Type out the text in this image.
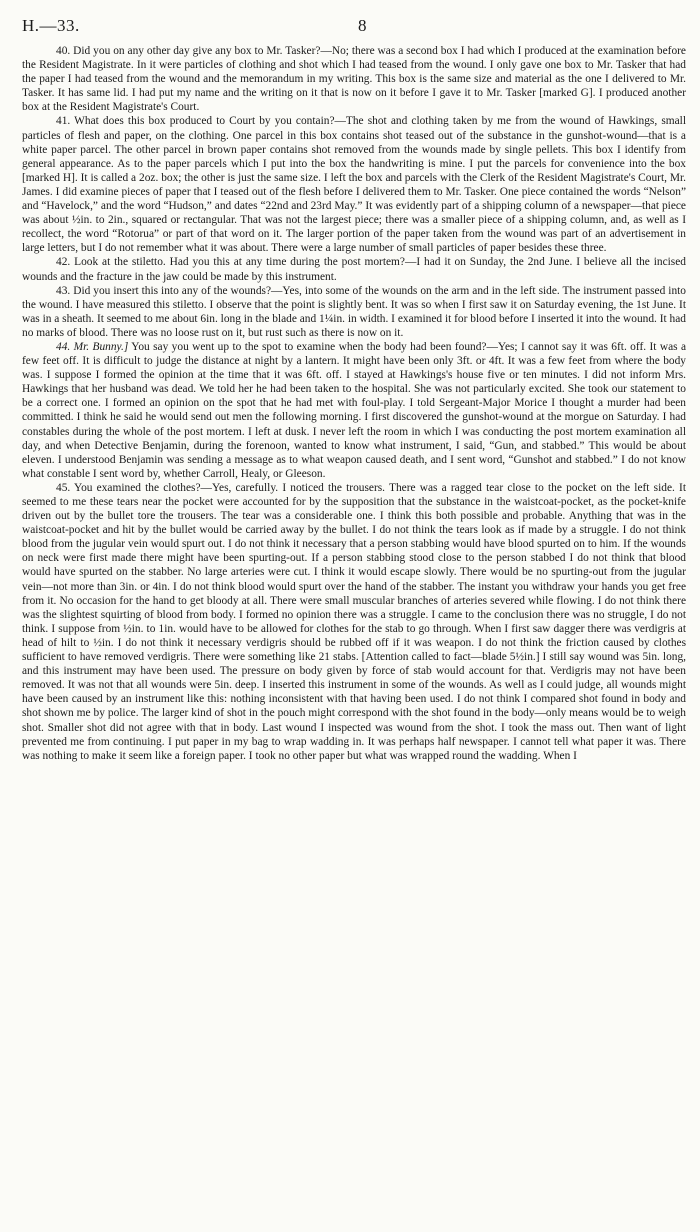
H.—33.	8

40. Did you on any other day give any box to Mr. Tasker?—No; there was a second box I had which I produced at the examination before the Resident Magistrate. In it were particles of clothing and shot which I had teased from the wound. I only gave one box to Mr. Tasker that had the paper I had teased from the wound and the memorandum in my writing. This box is the same size and material as the one I delivered to Mr. Tasker. It has same lid. I had put my name and the writing on it that is now on it before I gave it to Mr. Tasker [marked G]. I produced another box at the Resident Magistrate's Court.

41. What does this box produced to Court by you contain?—The shot and clothing taken by me from the wound of Hawkings, small particles of flesh and paper, on the clothing. One parcel in this box contains shot teased out of the substance in the gunshot-wound—that is a white paper parcel. The other parcel in brown paper contains shot removed from the wounds made by single pellets. This box I identify from general appearance. As to the paper parcels which I put into the box the handwriting is mine. I put the parcels for convenience into the box [marked H]. It is called a 2oz. box; the other is just the same size. I left the box and parcels with the Clerk of the Resident Magistrate's Court, Mr. James. I did examine pieces of paper that I teased out of the flesh before I delivered them to Mr. Tasker. One piece contained the words “Nelson” and “Havelock,” and the word “Hudson,” and dates “22nd and 23rd May.” It was evidently part of a shipping column of a newspaper—that piece was about ½in. to 2in., squared or rectangular. That was not the largest piece; there was a smaller piece of a shipping column, and, as well as I recollect, the word “Rotorua” or part of that word on it. The larger portion of the paper taken from the wound was part of an advertisement in large letters, but I do not remember what it was about. There were a large number of small particles of paper besides these three.

42. Look at the stiletto. Had you this at any time during the post mortem?—I had it on Sunday, the 2nd June. I believe all the incised wounds and the fracture in the jaw could be made by this instrument.

43. Did you insert this into any of the wounds?—Yes, into some of the wounds on the arm and in the left side. The instrument passed into the wound. I have measured this stiletto. I observe that the point is slightly bent. It was so when I first saw it on Saturday evening, the 1st June. It was in a sheath. It seemed to me about 6in. long in the blade and 1¼in. in width. I examined it for blood before I inserted it into the wound. It had no marks of blood. There was no loose rust on it, but rust such as there is now on it.

44. Mr. Bunny.] You say you went up to the spot to examine when the body had been found?—Yes; I cannot say it was 6ft. off. It was a few feet off. It is difficult to judge the distance at night by a lantern. It might have been only 3ft. or 4ft. It was a few feet from where the body was. I suppose I formed the opinion at the time that it was 6ft. off. I stayed at Hawkings's house five or ten minutes. I did not inform Mrs. Hawkings that her husband was dead. We told her he had been taken to the hospital. She was not particularly excited. She took our statement to be a correct one. I formed an opinion on the spot that he had met with foul-play. I told Sergeant-Major Morice I thought a murder had been committed. I think he said he would send out men the following morning. I first discovered the gunshot-wound at the morgue on Saturday. I had constables during the whole of the post mortem. I left at dusk. I never left the room in which I was conducting the post mortem examination all day, and when Detective Benjamin, during the forenoon, wanted to know what instrument, I said, “Gun, and stabbed.” This would be about eleven. I understood Benjamin was sending a message as to what weapon caused death, and I sent word, “Gunshot and stabbed.” I do not know what constable I sent word by, whether Carroll, Healy, or Gleeson.

45. You examined the clothes?—Yes, carefully. I noticed the trousers. There was a ragged tear close to the pocket on the left side. It seemed to me these tears near the pocket were accounted for by the supposition that the substance in the waistcoat-pocket, as the pocket-knife driven out by the bullet tore the trousers. The tear was a considerable one. I think this both possible and probable. Anything that was in the waistcoat-pocket and hit by the bullet would be carried away by the bullet. I do not think the tears look as if made by a struggle. I do not think blood from the jugular vein would spurt out. I do not think it necessary that a person stabbing would have blood spurted on to him. If the wounds on neck were first made there might have been spurting-out. If a person stabbing stood close to the person stabbed I do not think that blood would have spurted on the stabber. No large arteries were cut. I think it would escape slowly. There would be no spurting-out from the jugular vein—not more than 3in. or 4in. I do not think blood would spurt over the hand of the stabber. The instant you withdraw your hands you get free from it. No occasion for the hand to get bloody at all. There were small muscular branches of arteries severed while flowing. I do not think there was the slightest squirting of blood from body. I formed no opinion there was a struggle. I came to the conclusion there was no struggle, I do not think. I suppose from ½in. to 1in. would have to be allowed for clothes for the stab to go through. When I first saw dagger there was verdigris at head of hilt to ½in. I do not think it necessary verdigris should be rubbed off if it was weapon. I do not think the friction caused by clothes sufficient to have removed verdigris. There were something like 21 stabs. [Attention called to fact—blade 5½in.] I still say wound was 5in. long, and this instrument may have been used. The pressure on body given by force of stab would account for that. Verdigris may not have been removed. It was not that all wounds were 5in. deep. I inserted this instrument in some of the wounds. As well as I could judge, all wounds might have been caused by an instrument like this: nothing inconsistent with that having been used. I do not think I compared shot found in body and shot shown me by police. The larger kind of shot in the pouch might correspond with the shot found in the body—only means would be to weigh shot. Smaller shot did not agree with that in body. Last wound I inspected was wound from the shot. I took the mass out. Then want of light prevented me from continuing. I put paper in my bag to wrap wadding in. It was perhaps half newspaper. I cannot tell what paper it was. There was nothing to make it seem like a foreign paper. I took no other paper but what was wrapped round the wadding. When I
